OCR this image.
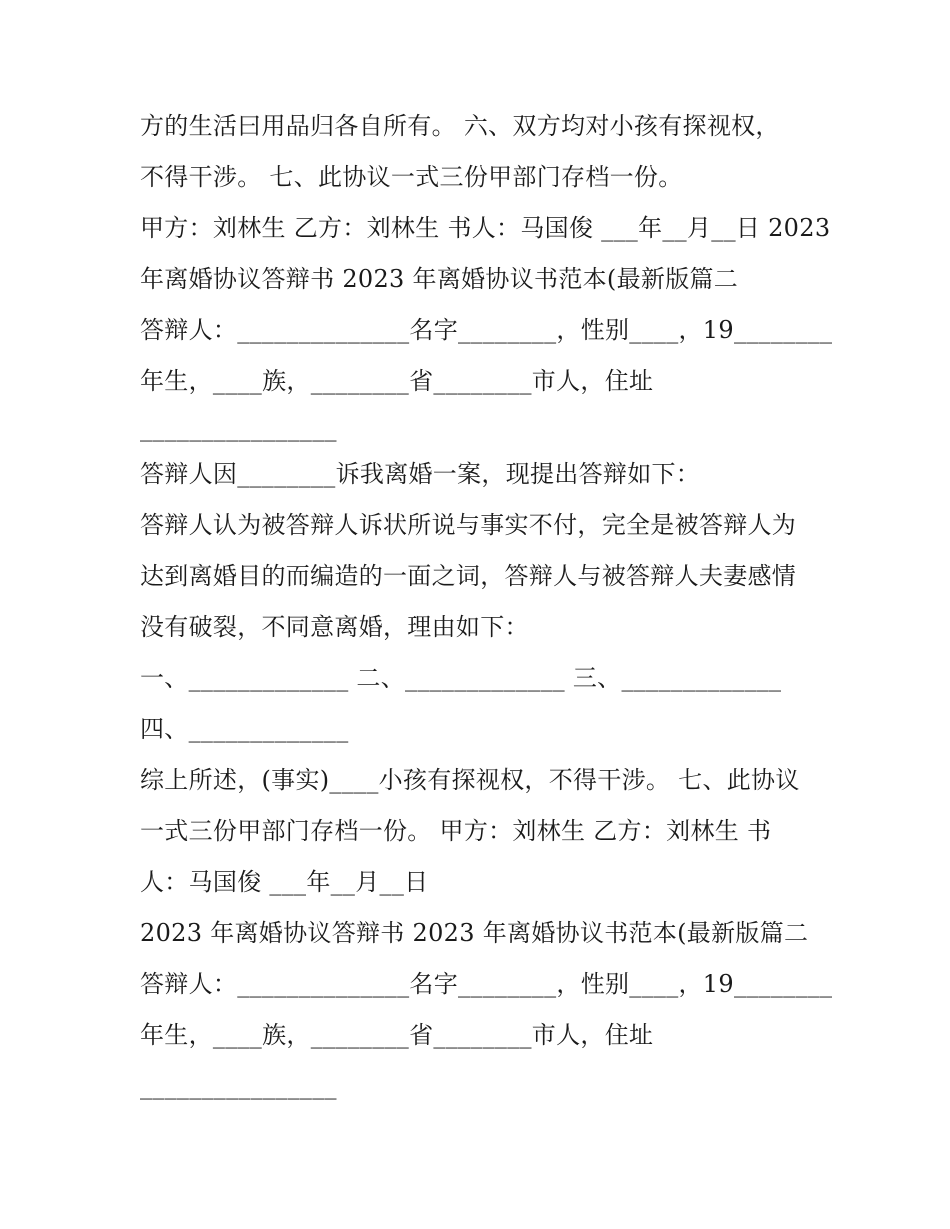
方的生活曰用品归各自所有。 六、双方均对小孩有探视权，
不得干涉。 七、此协议一式三份甲部门存档一份。
甲方：刘林生 乙方：刘林生 书人：马国俊 ___年__月__日 2023
年离婚协议答辩书 2023 年离婚协议书范本(最新版篇二
答辩人：______________名字________，性别____，19________
年生，____族，________省________市人，住址
________________
答辩人因________诉我离婚一案，现提出答辩如下：
答辩人认为被答辩人诉状所说与事实不付，完全是被答辩人为
达到离婚目的而编造的一面之词，答辩人与被答辩人夫妻感情
没有破裂，不同意离婚，理由如下：
一、_____________ 二、_____________ 三、_____________
四、_____________
综上所述，(事实)____小孩有探视权，不得干涉。 七、此协议
一式三份甲部门存档一份。 甲方：刘林生 乙方：刘林生 书
人：马国俊 ___年__月__日
2023 年离婚协议答辩书 2023 年离婚协议书范本(最新版篇二
答辩人：______________名字________，性别____，19________
年生，____族，________省________市人，住址
________________
